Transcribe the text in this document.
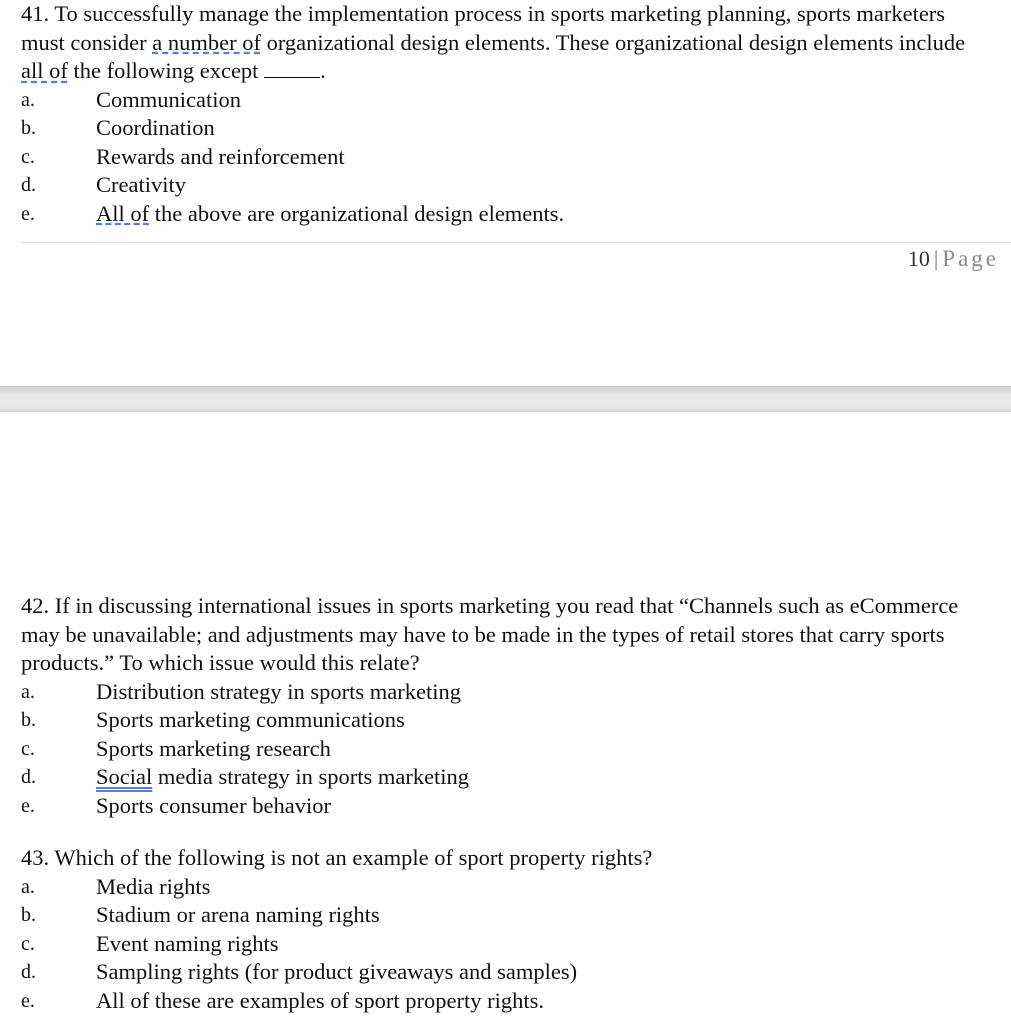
41. To successfully manage the implementation process in sports marketing planning, sports marketers must consider a number of organizational design elements. These organizational design elements include all of the following except .

a.	Communication
b.	Coordination
c.	Rewards and reinforcement
d.	Creativity
e.	All of the above are organizational design elements.
10 | Page

42. If in discussing international issues in sports marketing you read that “Channels such as eCommerce may be unavailable; and adjustments may have to be made in the types of retail stores that carry sports products.” To which issue would this relate?

a.	Distribution strategy in sports marketing
b.	Sports marketing communications
c.	Sports marketing research
d.	Social media strategy in sports marketing
e.	Sports consumer behavior

43. Which of the following is not an example of sport property rights?

a.	Media rights
b.	Stadium or arena naming rights
c.	Event naming rights
d.	Sampling rights (for product giveaways and samples)
e.	All of these are examples of sport property rights.
